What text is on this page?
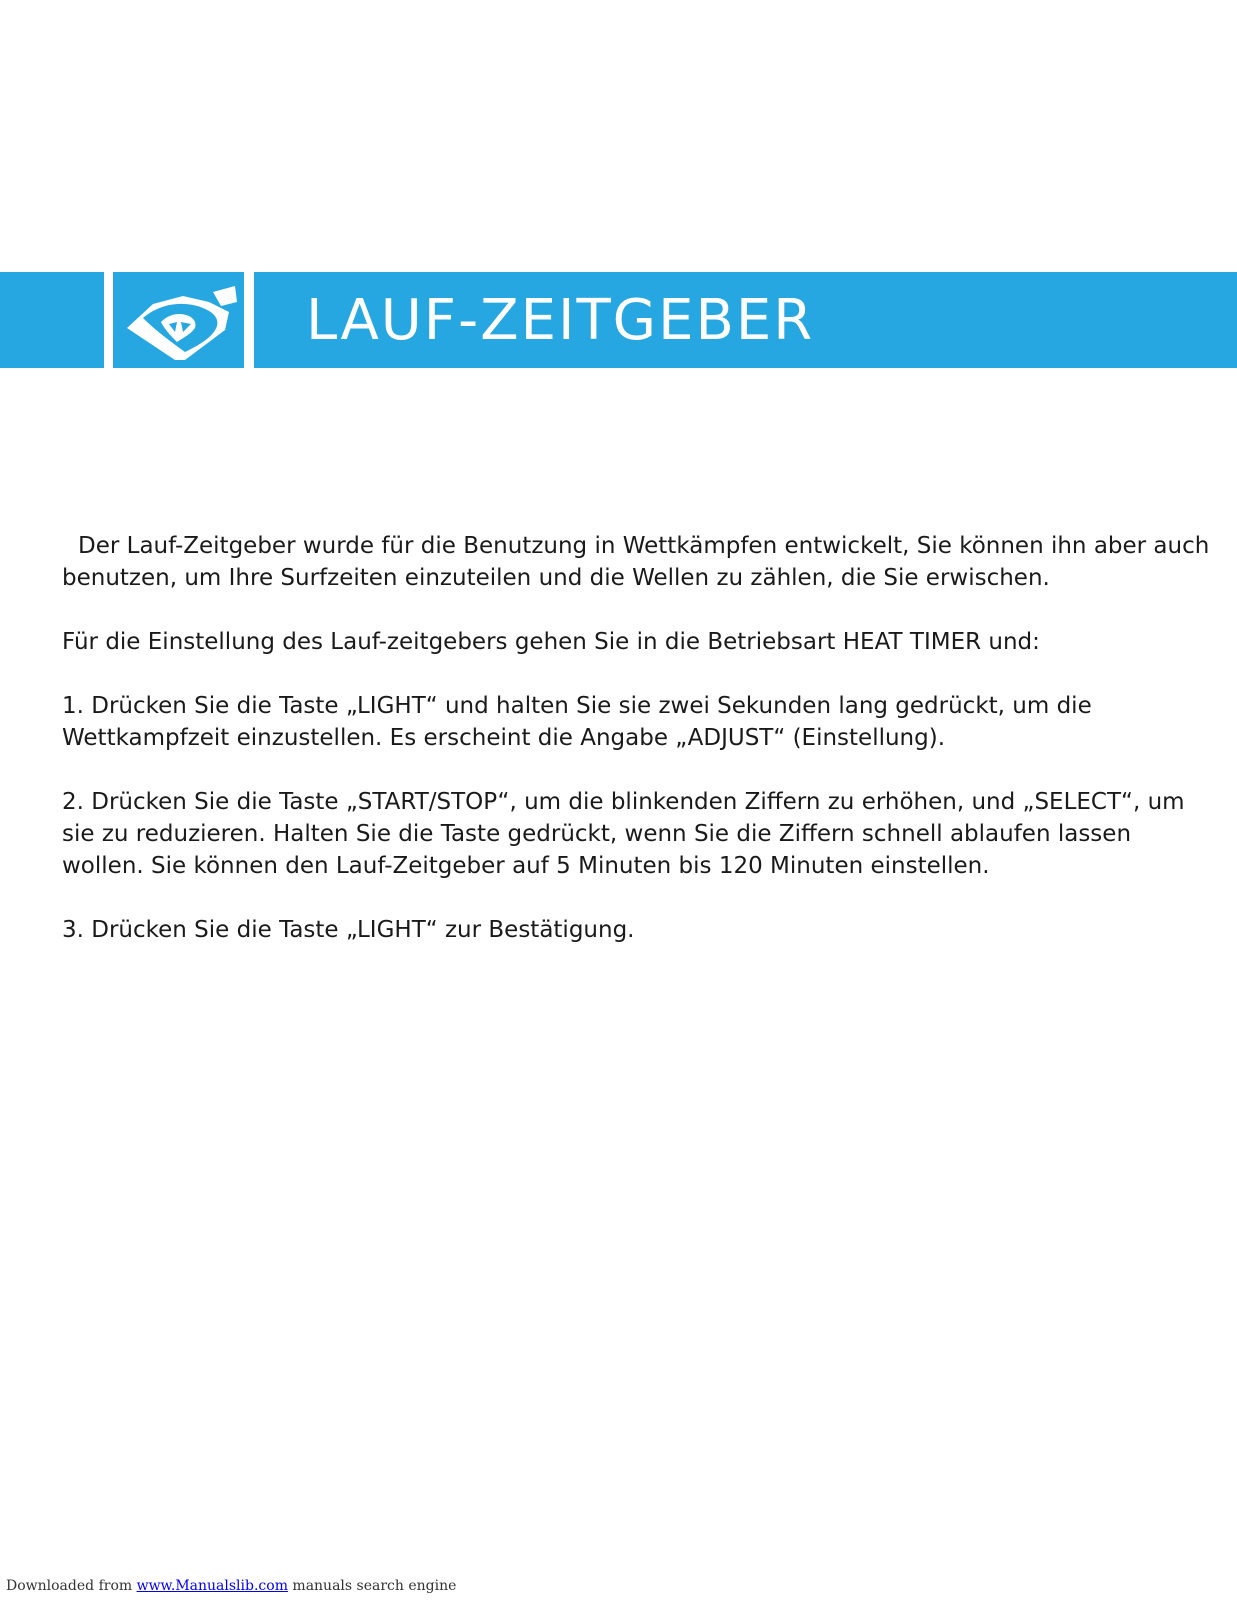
LAUF-ZEITGEBER

Der Lauf-Zeitgeber wurde für die Benutzung in Wettkämpfen entwickelt, Sie können ihn aber auch benutzen, um Ihre Surfzeiten einzuteilen und die Wellen zu zählen, die Sie erwischen.

Für die Einstellung des Lauf-zeitgebers gehen Sie in die Betriebsart HEAT TIMER und:

1. Drücken Sie die Taste „LIGHT“ und halten Sie sie zwei Sekunden lang gedrückt, um die Wettkampfzeit einzustellen. Es erscheint die Angabe „ADJUST“ (Einstellung).

2. Drücken Sie die Taste „START/STOP“, um die blinkenden Ziffern zu erhöhen, und „SELECT“, um sie zu reduzieren. Halten Sie die Taste gedrückt, wenn Sie die Ziffern schnell ablaufen lassen wollen. Sie können den Lauf-Zeitgeber auf 5 Minuten bis 120 Minuten einstellen.

3. Drücken Sie die Taste „LIGHT“ zur Bestätigung.

Downloaded from www.Manualslib.com manuals search engine
